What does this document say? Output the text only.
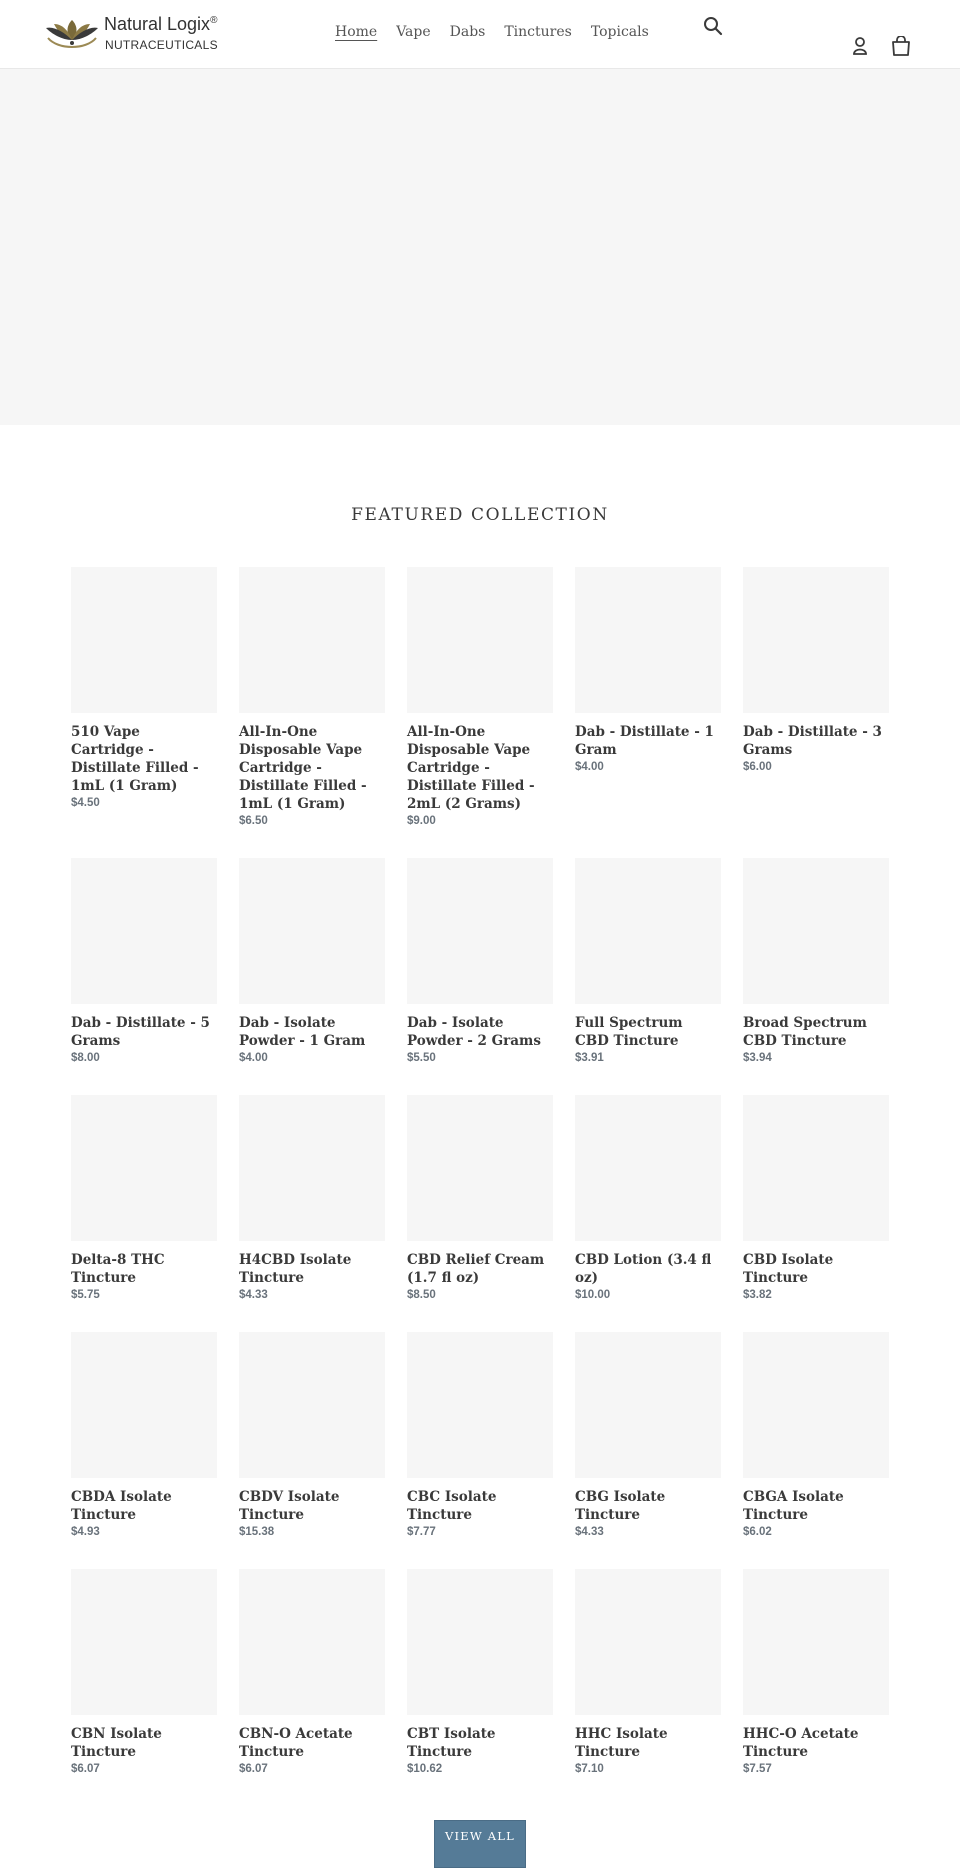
Natural Logix®
NUTRACEUTICALS
Home Vape Dabs Tinctures Topicals
FEATURED COLLECTION
510 Vape Cartridge - Distillate Filled - 1mL (1 Gram)
$4.50
All-In-One Disposable Vape Cartridge - Distillate Filled - 1mL (1 Gram)
$6.50
All-In-One Disposable Vape Cartridge - Distillate Filled - 2mL (2 Grams)
$9.00
Dab - Distillate - 1 Gram
$4.00
Dab - Distillate - 3 Grams
$6.00
Dab - Distillate - 5 Grams
$8.00
Dab - Isolate Powder - 1 Gram
$4.00
Dab - Isolate Powder - 2 Grams
$5.50
Full Spectrum CBD Tincture
$3.91
Broad Spectrum CBD Tincture
$3.94
Delta-8 THC Tincture
$5.75
H4CBD Isolate Tincture
$4.33
CBD Relief Cream (1.7 fl oz)
$8.50
CBD Lotion (3.4 fl oz)
$10.00
CBD Isolate Tincture
$3.82
CBDA Isolate Tincture
$4.93
CBDV Isolate Tincture
$15.38
CBC Isolate Tincture
$7.77
CBG Isolate Tincture
$4.33
CBGA Isolate Tincture
$6.02
CBN Isolate Tincture
$6.07
CBN-O Acetate Tincture
$6.07
CBT Isolate Tincture
$10.62
HHC Isolate Tincture
$7.10
HHC-O Acetate Tincture
$7.57
VIEW ALL
